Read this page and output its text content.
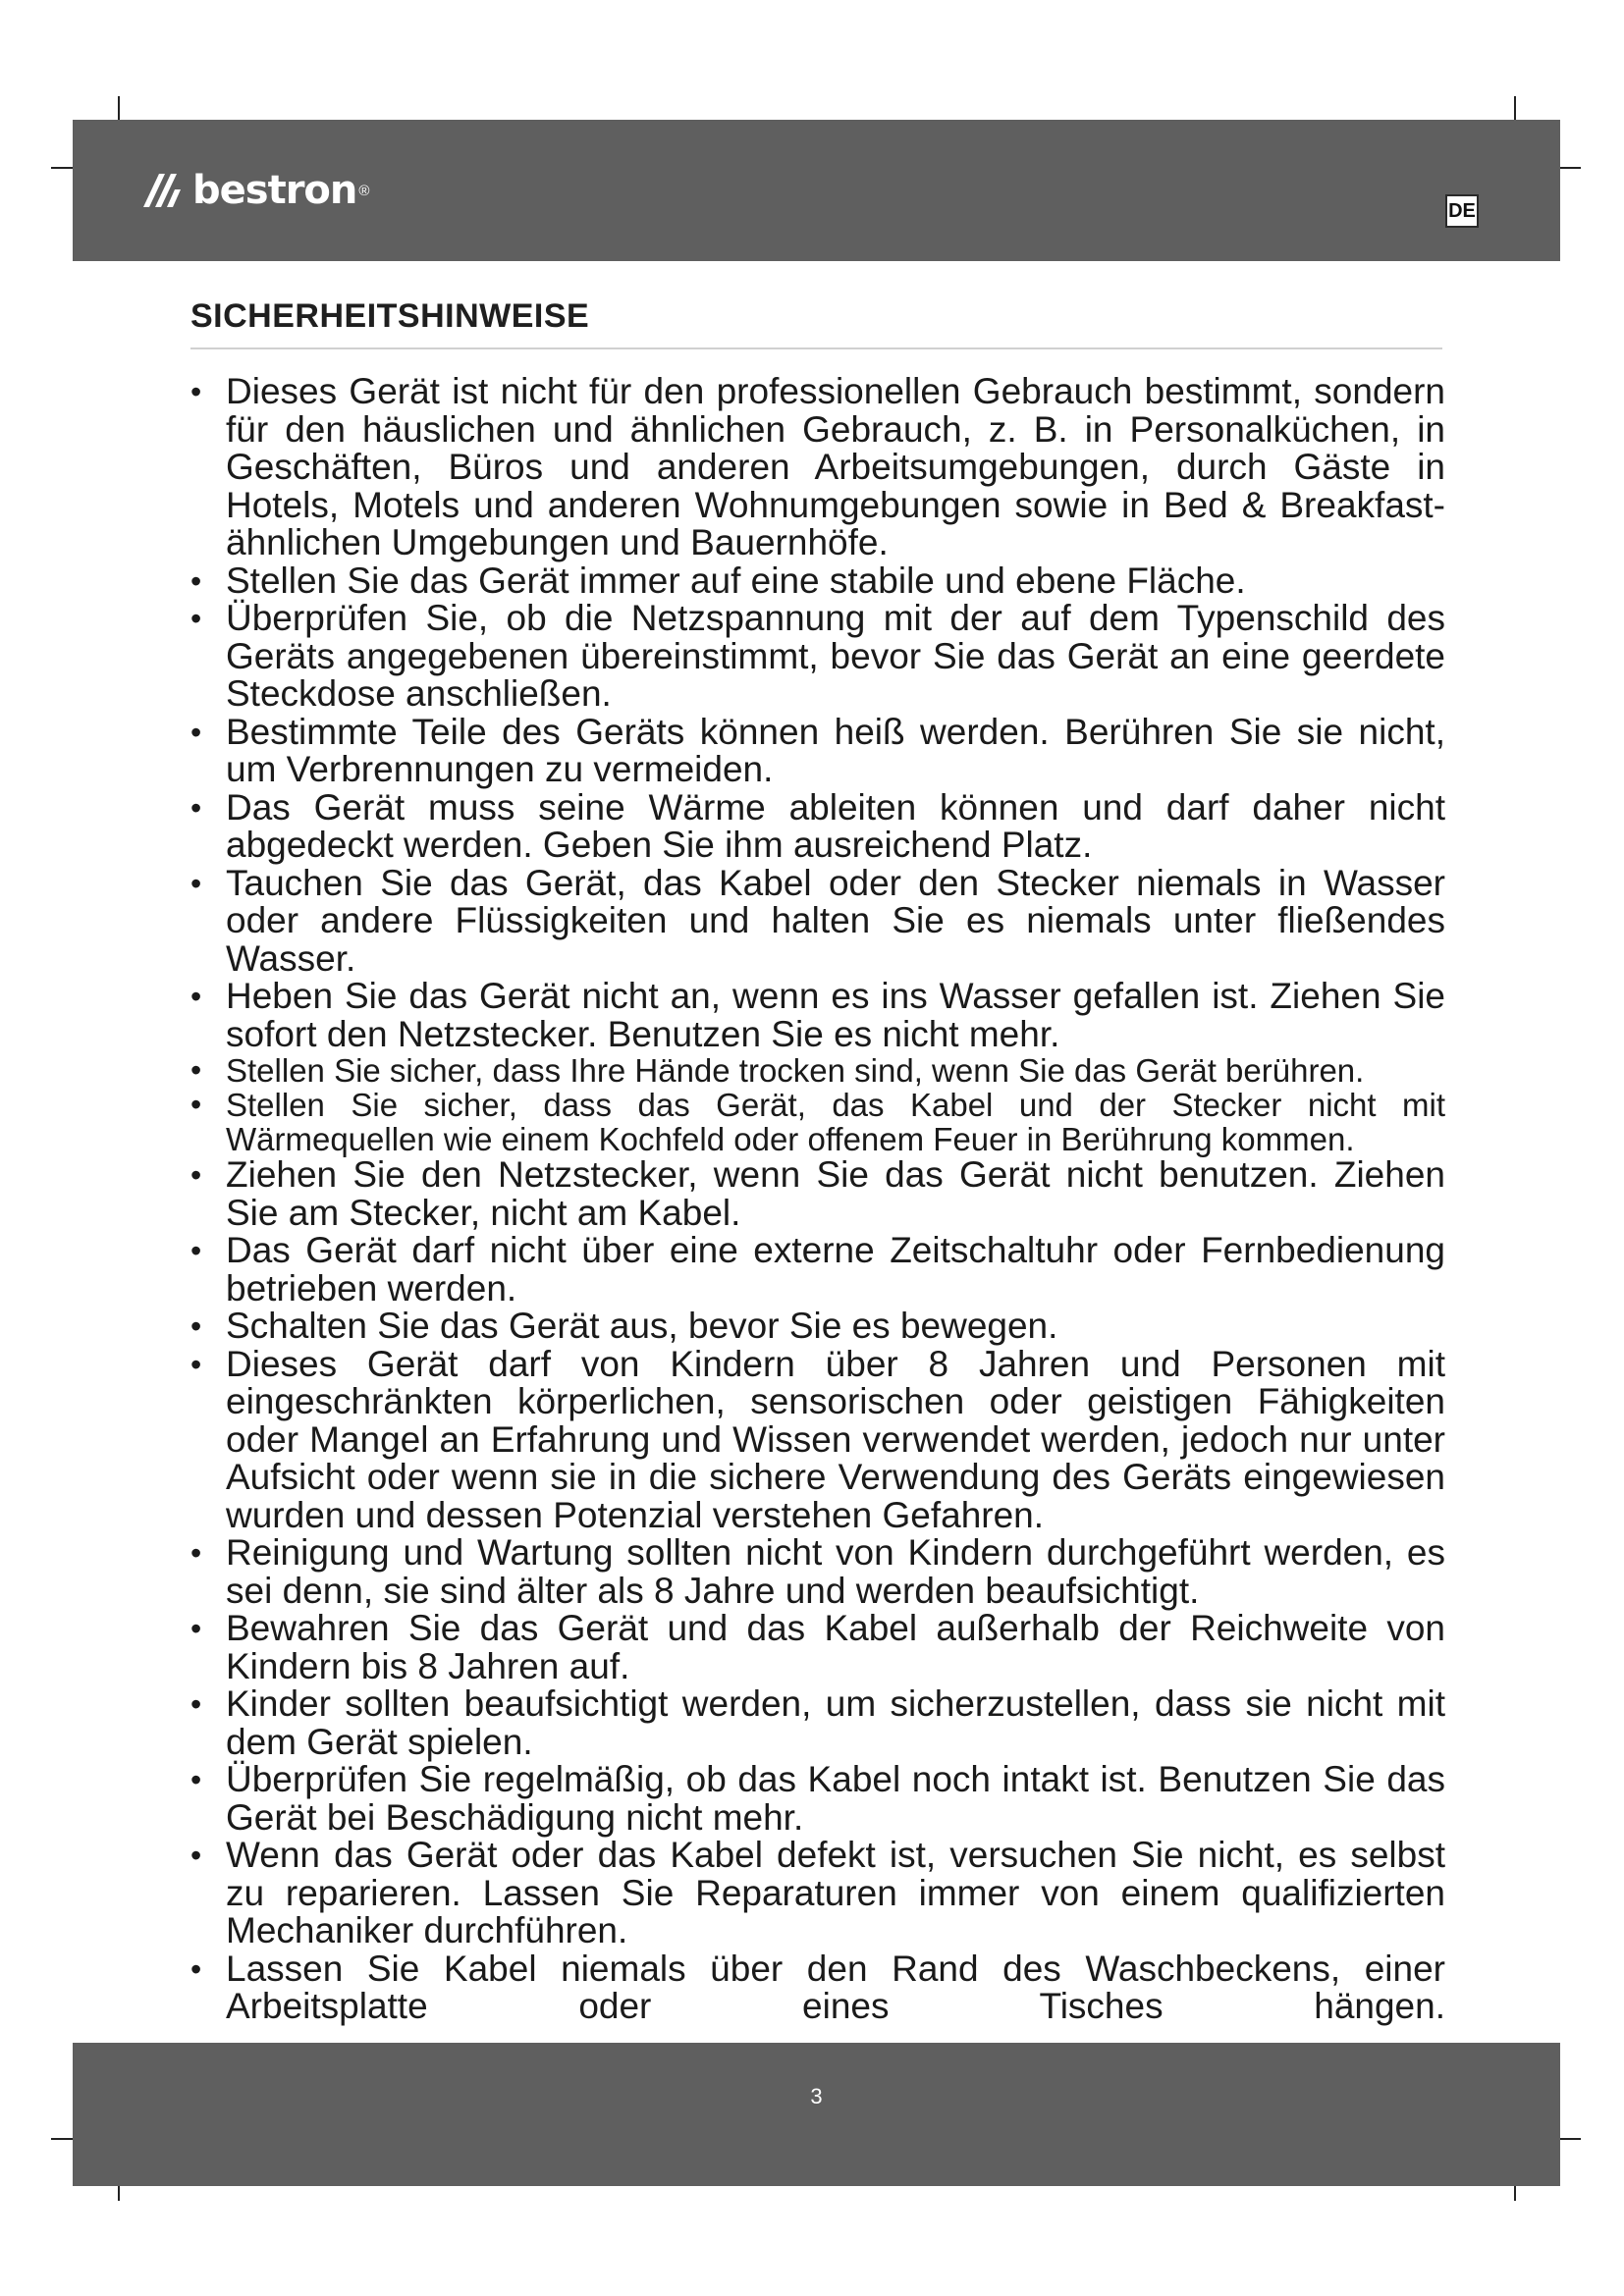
bestron ®
DE
SICHERHEITSHINWEISE
• Dieses Gerät ist nicht für den professionellen Gebrauch bestimmt, sondern für den häuslichen und ähnlichen Gebrauch, z. B. in Personalküchen, in Geschäften, Büros und anderen Arbeitsumgebungen, durch Gäste in Hotels, Motels und anderen Wohnumgebungen sowie in Bed & Breakfast-ähnlichen Umgebungen und Bauernhöfe.
• Stellen Sie das Gerät immer auf eine stabile und ebene Fläche.
• Überprüfen Sie, ob die Netzspannung mit der auf dem Typenschild des Geräts angegebenen übereinstimmt, bevor Sie das Gerät an eine geerdete Steckdose anschließen.
• Bestimmte Teile des Geräts können heiß werden. Berühren Sie sie nicht, um Verbrennungen zu vermeiden.
• Das Gerät muss seine Wärme ableiten können und darf daher nicht abgedeckt werden. Geben Sie ihm ausreichend Platz.
• Tauchen Sie das Gerät, das Kabel oder den Stecker niemals in Wasser oder andere Flüssigkeiten und halten Sie es niemals unter fließendes Wasser.
• Heben Sie das Gerät nicht an, wenn es ins Wasser gefallen ist. Ziehen Sie sofort den Netzstecker. Benutzen Sie es nicht mehr.
• Stellen Sie sicher, dass Ihre Hände trocken sind, wenn Sie das Gerät berühren.
• Stellen Sie sicher, dass das Gerät, das Kabel und der Stecker nicht mit Wärmequellen wie einem Kochfeld oder offenem Feuer in Berührung kommen.
• Ziehen Sie den Netzstecker, wenn Sie das Gerät nicht benutzen. Ziehen Sie am Stecker, nicht am Kabel.
• Das Gerät darf nicht über eine externe Zeitschaltuhr oder Fernbedienung betrieben werden.
• Schalten Sie das Gerät aus, bevor Sie es bewegen.
• Dieses Gerät darf von Kindern über 8 Jahren und Personen mit eingeschränkten körperlichen, sensorischen oder geistigen Fähigkeiten oder Mangel an Erfahrung und Wissen verwendet werden, jedoch nur unter Aufsicht oder wenn sie in die sichere Verwendung des Geräts eingewiesen wurden und dessen Potenzial verstehen Gefahren.
• Reinigung und Wartung sollten nicht von Kindern durchgeführt werden, es sei denn, sie sind älter als 8 Jahre und werden beaufsichtigt.
• Bewahren Sie das Gerät und das Kabel außerhalb der Reichweite von Kindern bis 8 Jahren auf.
• Kinder sollten beaufsichtigt werden, um sicherzustellen, dass sie nicht mit dem Gerät spielen.
• Überprüfen Sie regelmäßig, ob das Kabel noch intakt ist. Benutzen Sie das Gerät bei Beschädigung nicht mehr.
• Wenn das Gerät oder das Kabel defekt ist, versuchen Sie nicht, es selbst zu reparieren. Lassen Sie Reparaturen immer von einem qualifizierten Mechaniker durchführen.
• Lassen Sie Kabel niemals über den Rand des Waschbeckens, einer Arbeitsplatte oder eines Tisches hängen.
3
